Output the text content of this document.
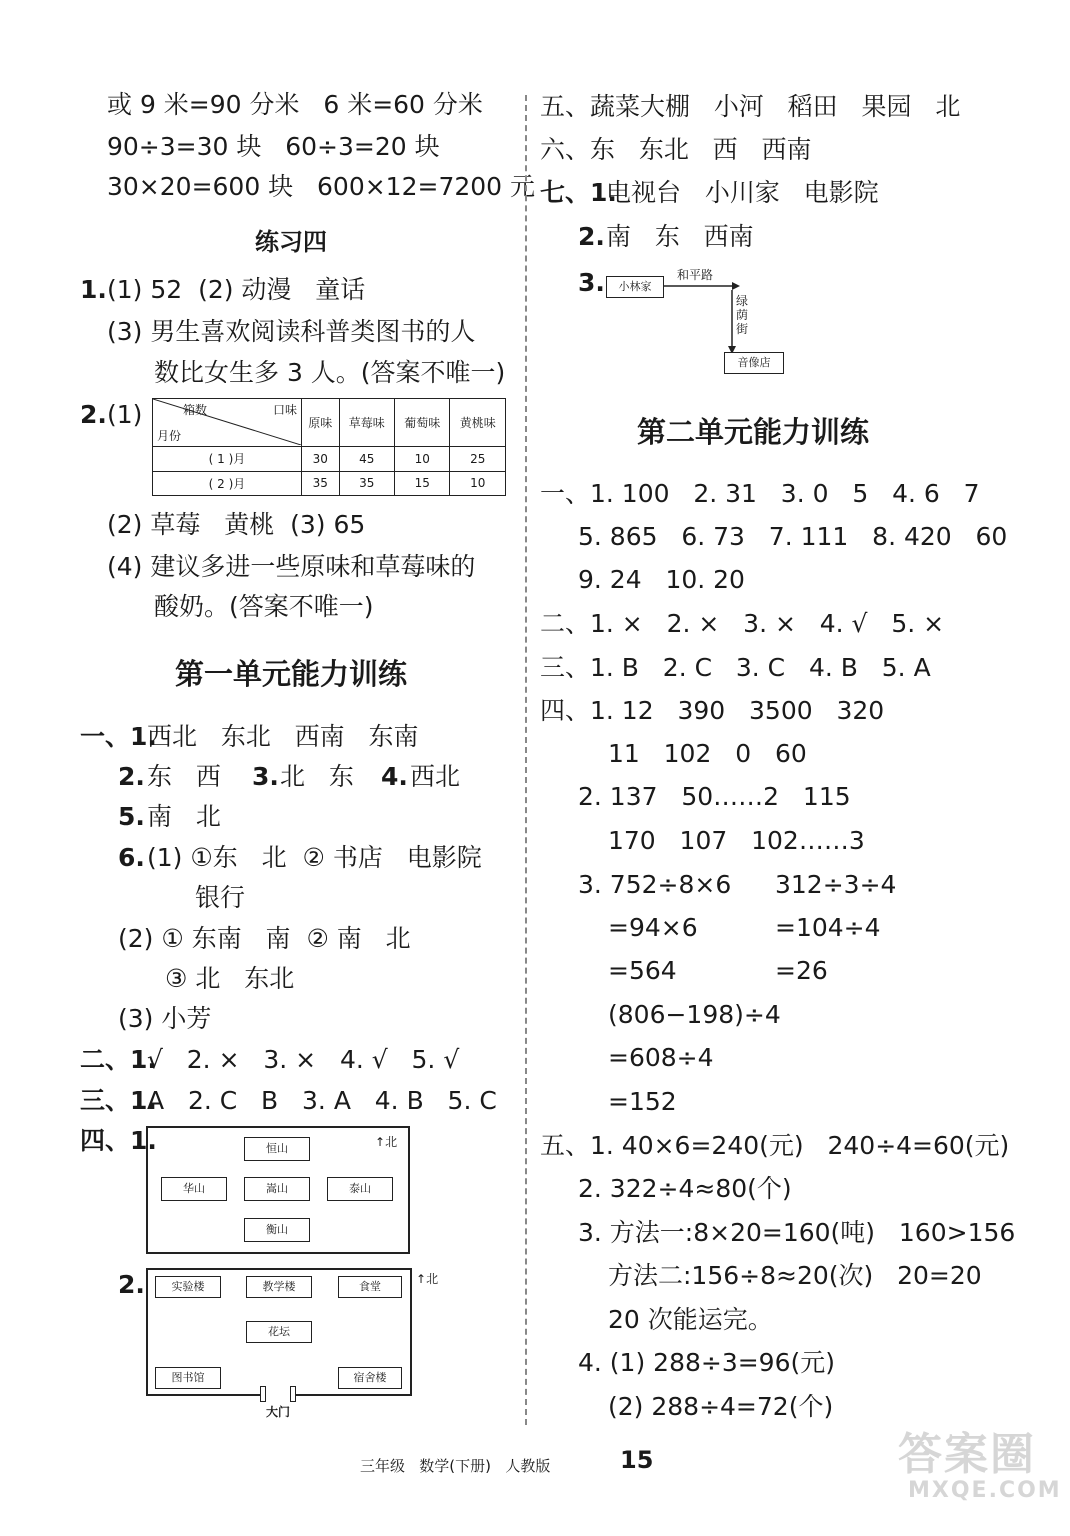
或 9 米=90 分米   6 米=60 分米
90÷3=30 块   60÷3=20 块
30×20=600 块   600×12=7200 元
练习四
1. (1) 52  (2) 动漫   童话
(3) 男生喜欢阅读科普类图书的人
数比女生多 3 人。(答案不唯一)
2. (1)	箱数 口味
月份	原味	草莓味	葡萄味	黄桃味
( 1 )月	30	45	10	25
( 2 )月	35	35	15	10
(2) 草莓   黄桃  (3) 65
(4) 建议多进一些原味和草莓味的
酸奶。(答案不唯一)
第一单元能力训练
一、1.
西北   东北   西南   东南
2. 东   西 3. 北   东 4. 西北
5. 南   北
6. (1) ①东   北  ② 书店   电影院
银行
(2) ① 东南   南  ② 南   北
③ 北   东北
(3) 小芳
二、1.
√   2. ×   3. ×   4. √   5. √
三、1.
A   2. C   B   3. A   4. B   5. C
四、1.	↑北
恒山
华山	嵩山	泰山
衡山
2.	↑北
实验楼	教学楼	食堂
花坛
图书馆	宿舍楼
大门
五、蔬菜大棚   小河   稻田   果园   北
六、东   东北   西   西南
七、1.
电视台   小川家   电影院
2. 南   东   西南
3.	小林家
和平路
绿荫街
音像店
第二单元能力训练
一、1. 100   2. 31   3. 0   5   4. 6   7
5. 865   6. 73   7. 111   8. 420   60
9. 24   10. 20
二、1. ×   2. ×   3. ×   4. √   5. ×
三、1. B   2. C   3. C   4. B   5. A
四、1. 12   390   3500   320
11   102   0   60
2. 137   50……2   115
170   107   102……3
3. 752÷8×6 312÷3÷4
=94×6	=104÷4
=564	=26
(806−198)÷4
=608÷4
=152
五、1. 40×6=240(元)   240÷4=60(元)
2. 322÷4≈80(个)
3. 方法一:8×20=160(吨)   160>156
方法二:156÷8≈20(次)   20=20
20 次能运完。
4. (1) 288÷3=96(元)
(2) 288÷4=72(个)
三年级   数学(下册)   人教版	15	答案圈
MXQE.COM
